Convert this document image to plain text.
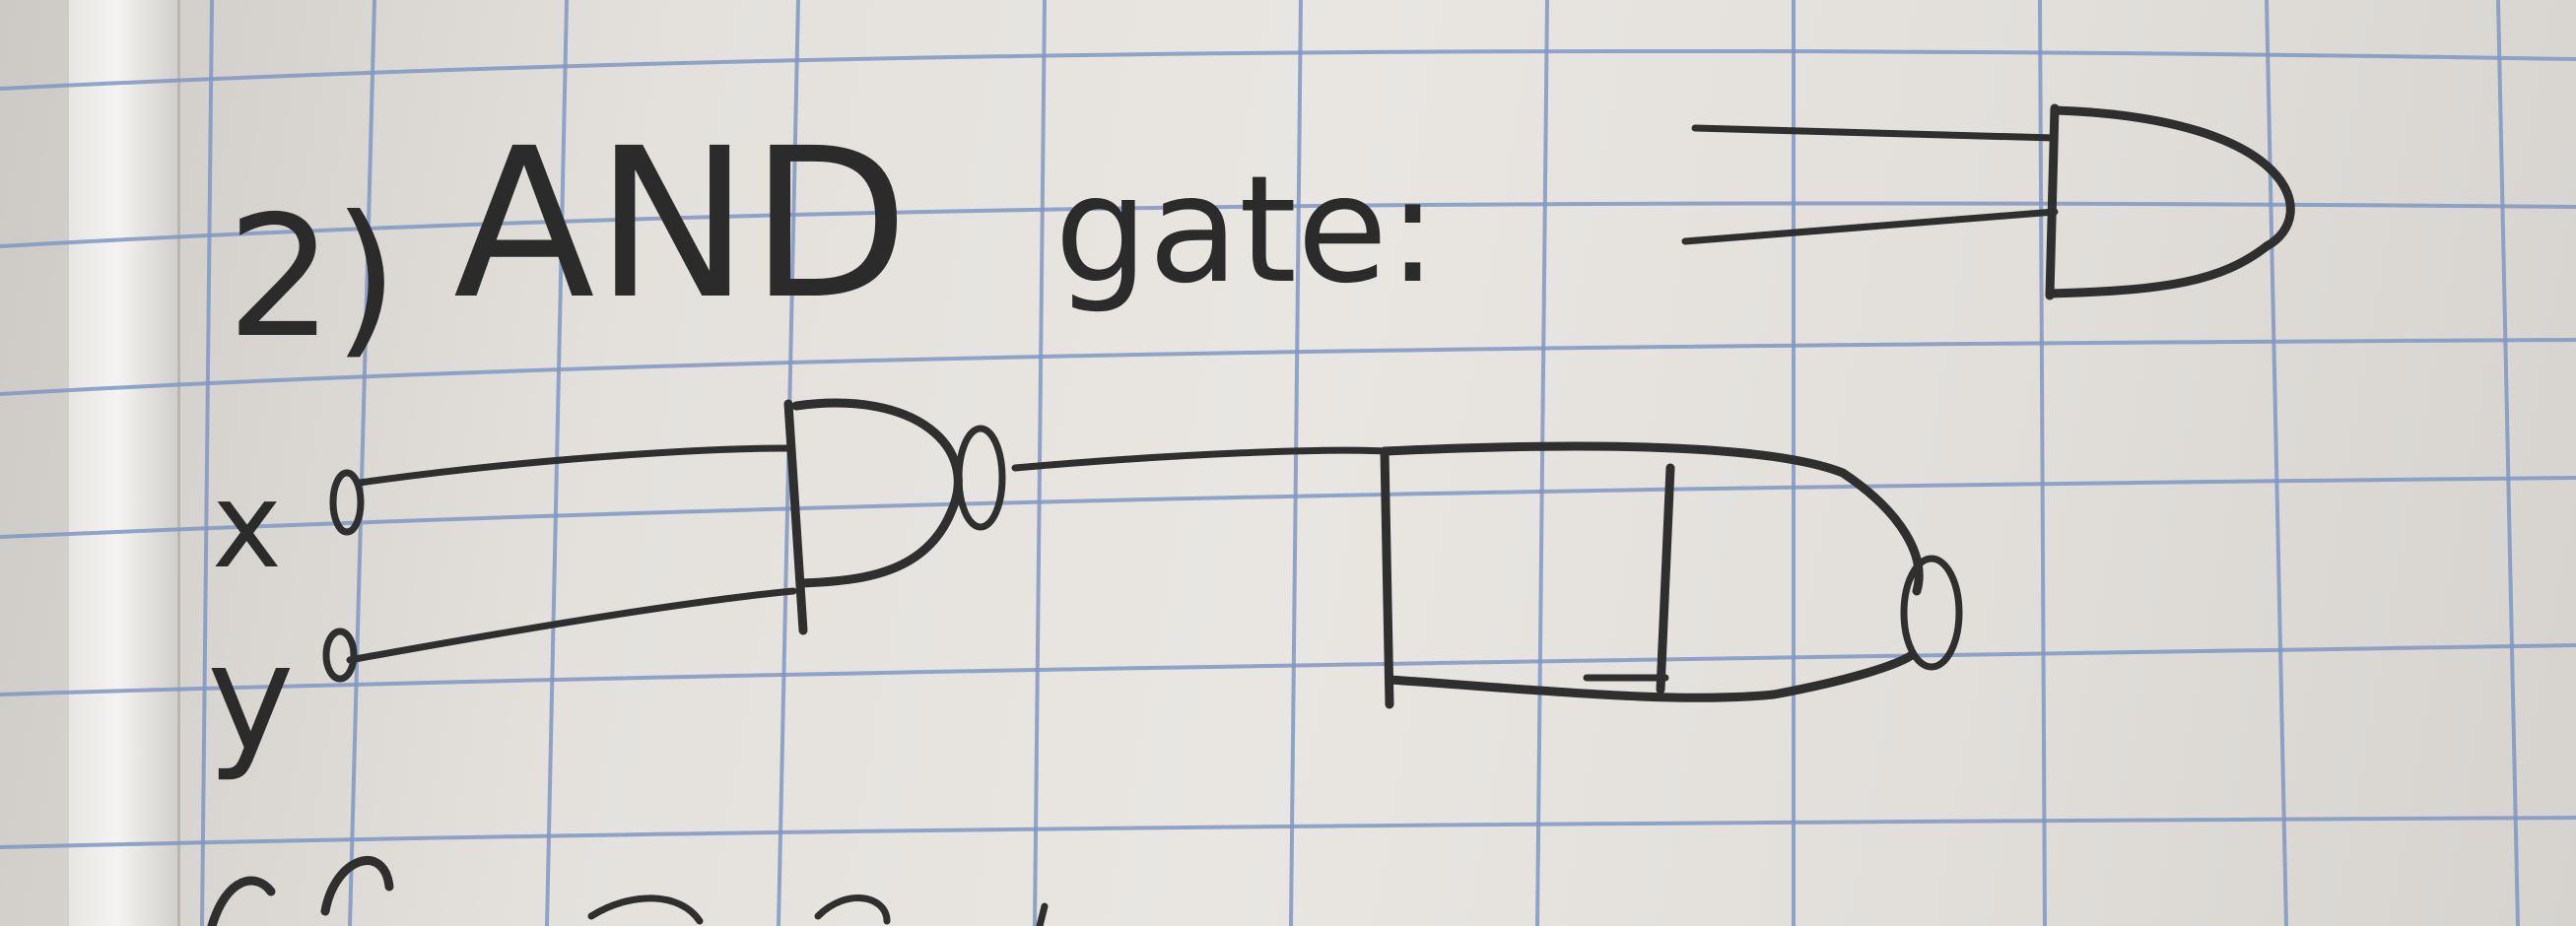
2) AND gate:
x
y
